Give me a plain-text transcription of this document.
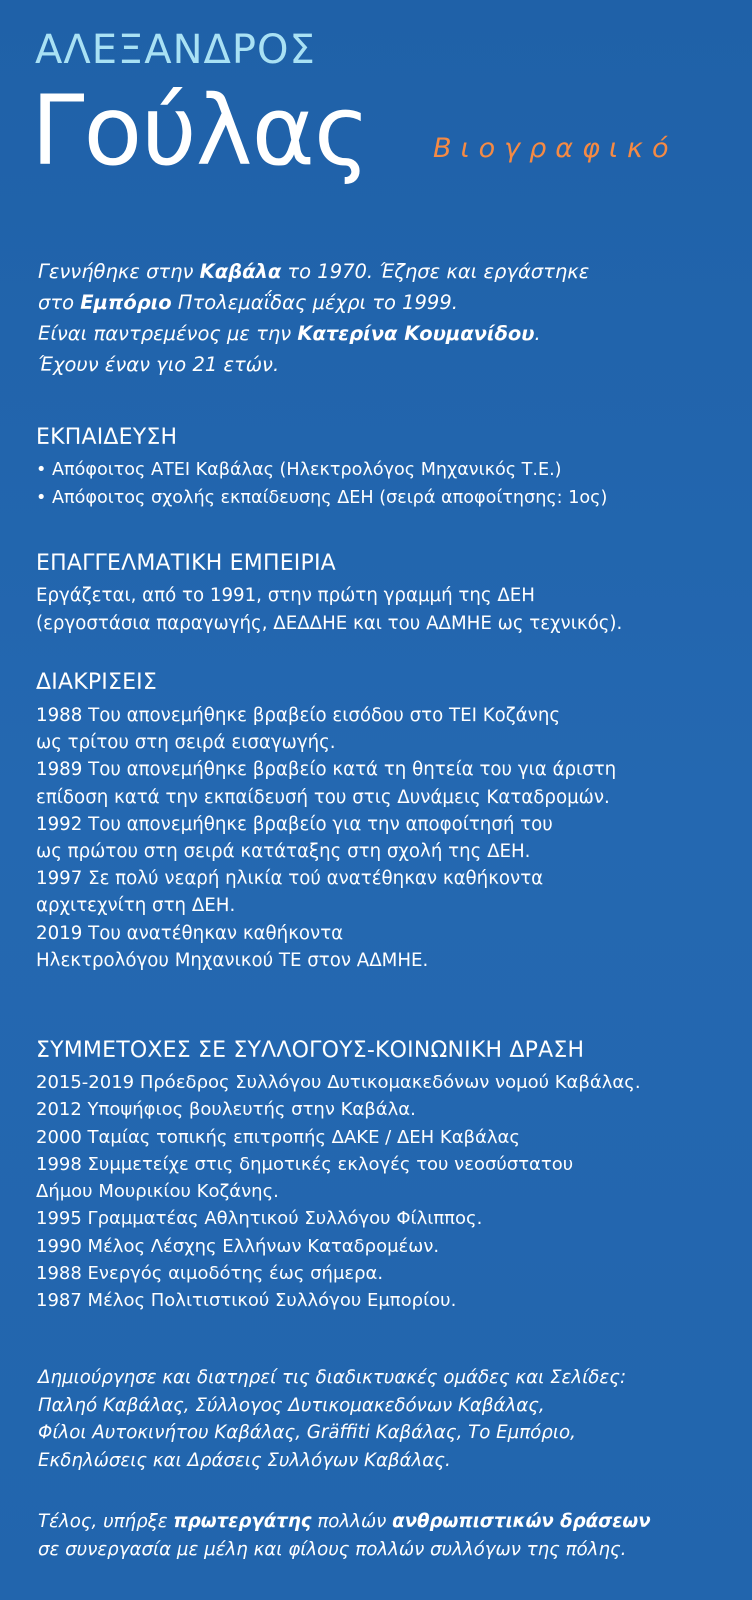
ΑΛΕΞΑΝΔΡΟΣ
Γούλας Βιογραφικό

Γεννήθηκε στην Καβάλα το 1970. Έζησε και εργάστηκε

στο Εμπόριο Πτολεμαΐδας μέχρι το 1999.

Είναι παντρεμένος με την Κατερίνα Κουμανίδου.

Έχουν έναν γιο 21 ετών.

ΕΚΠΑΙΔΕΥΣΗ
• Απόφοιτος ΑΤΕΙ Καβάλας (Ηλεκτρολόγος Μηχανικός Τ.Ε.)
• Απόφοιτος σχολής εκπαίδευσης ΔΕΗ (σειρά αποφοίτησης: 1ος)
ΕΠΑΓΓΕΛΜΑΤΙΚΗ ΕΜΠΕΙΡΙΑ
Εργάζεται, από το 1991, στην πρώτη γραμμή της ΔΕΗ
(εργοστάσια παραγωγής, ΔΕΔΔΗΕ και του ΑΔΜΗΕ ως τεχνικός).
ΔΙΑΚΡΙΣΕΙΣ
1988 Του απονεμήθηκε βραβείο εισόδου στο ΤΕΙ Κοζάνης
ως τρίτου στη σειρά εισαγωγής.
1989 Του απονεμήθηκε βραβείο κατά τη θητεία του για άριστη
επίδοση κατά την εκπαίδευσή του στις Δυνάμεις Καταδρομών.
1992 Του απονεμήθηκε βραβείο για την αποφοίτησή του
ως πρώτου στη σειρά κατάταξης στη σχολή της ΔΕΗ.
1997 Σε πολύ νεαρή ηλικία τού ανατέθηκαν καθήκοντα
αρχιτεχνίτη στη ΔΕΗ.
2019 Του ανατέθηκαν καθήκοντα
Ηλεκτρολόγου Μηχανικού ΤΕ στον ΑΔΜΗΕ.
ΣΥΜΜΕΤΟΧΕΣ ΣΕ ΣΥΛΛΟΓΟΥΣ-ΚΟΙΝΩΝΙΚΗ ΔΡΑΣΗ
2015-2019 Πρόεδρος Συλλόγου Δυτικομακεδόνων νομού Καβάλας.
2012 Υποψήφιος βουλευτής στην Καβάλα.
2000 Ταμίας τοπικής επιτροπής ΔΑΚΕ / ΔΕΗ Καβάλας
1998 Συμμετείχε στις δημοτικές εκλογές του νεοσύστατου
Δήμου Μουρικίου Κοζάνης.
1995 Γραμματέας Αθλητικού Συλλόγου Φίλιππος.
1990 Μέλος Λέσχης Ελλήνων Καταδρομέων.
1988 Ενεργός αιμοδότης έως σήμερα.
1987 Μέλος Πολιτιστικού Συλλόγου Εμπορίου.

Δημιούργησε και διατηρεί τις διαδικτυακές ομάδες και Σελίδες:

Παληό Καβάλας, Σύλλογος Δυτικομακεδόνων Καβάλας,

Φίλοι Αυτοκινήτου Καβάλας, Gräffiti Καβάλας, Το Εμπόριο,

Εκδηλώσεις και Δράσεις Συλλόγων Καβάλας.

Τέλος, υπήρξε πρωτεργάτης πολλών ανθρωπιστικών δράσεων

σε συνεργασία με μέλη και φίλους πολλών συλλόγων της πόλης.
